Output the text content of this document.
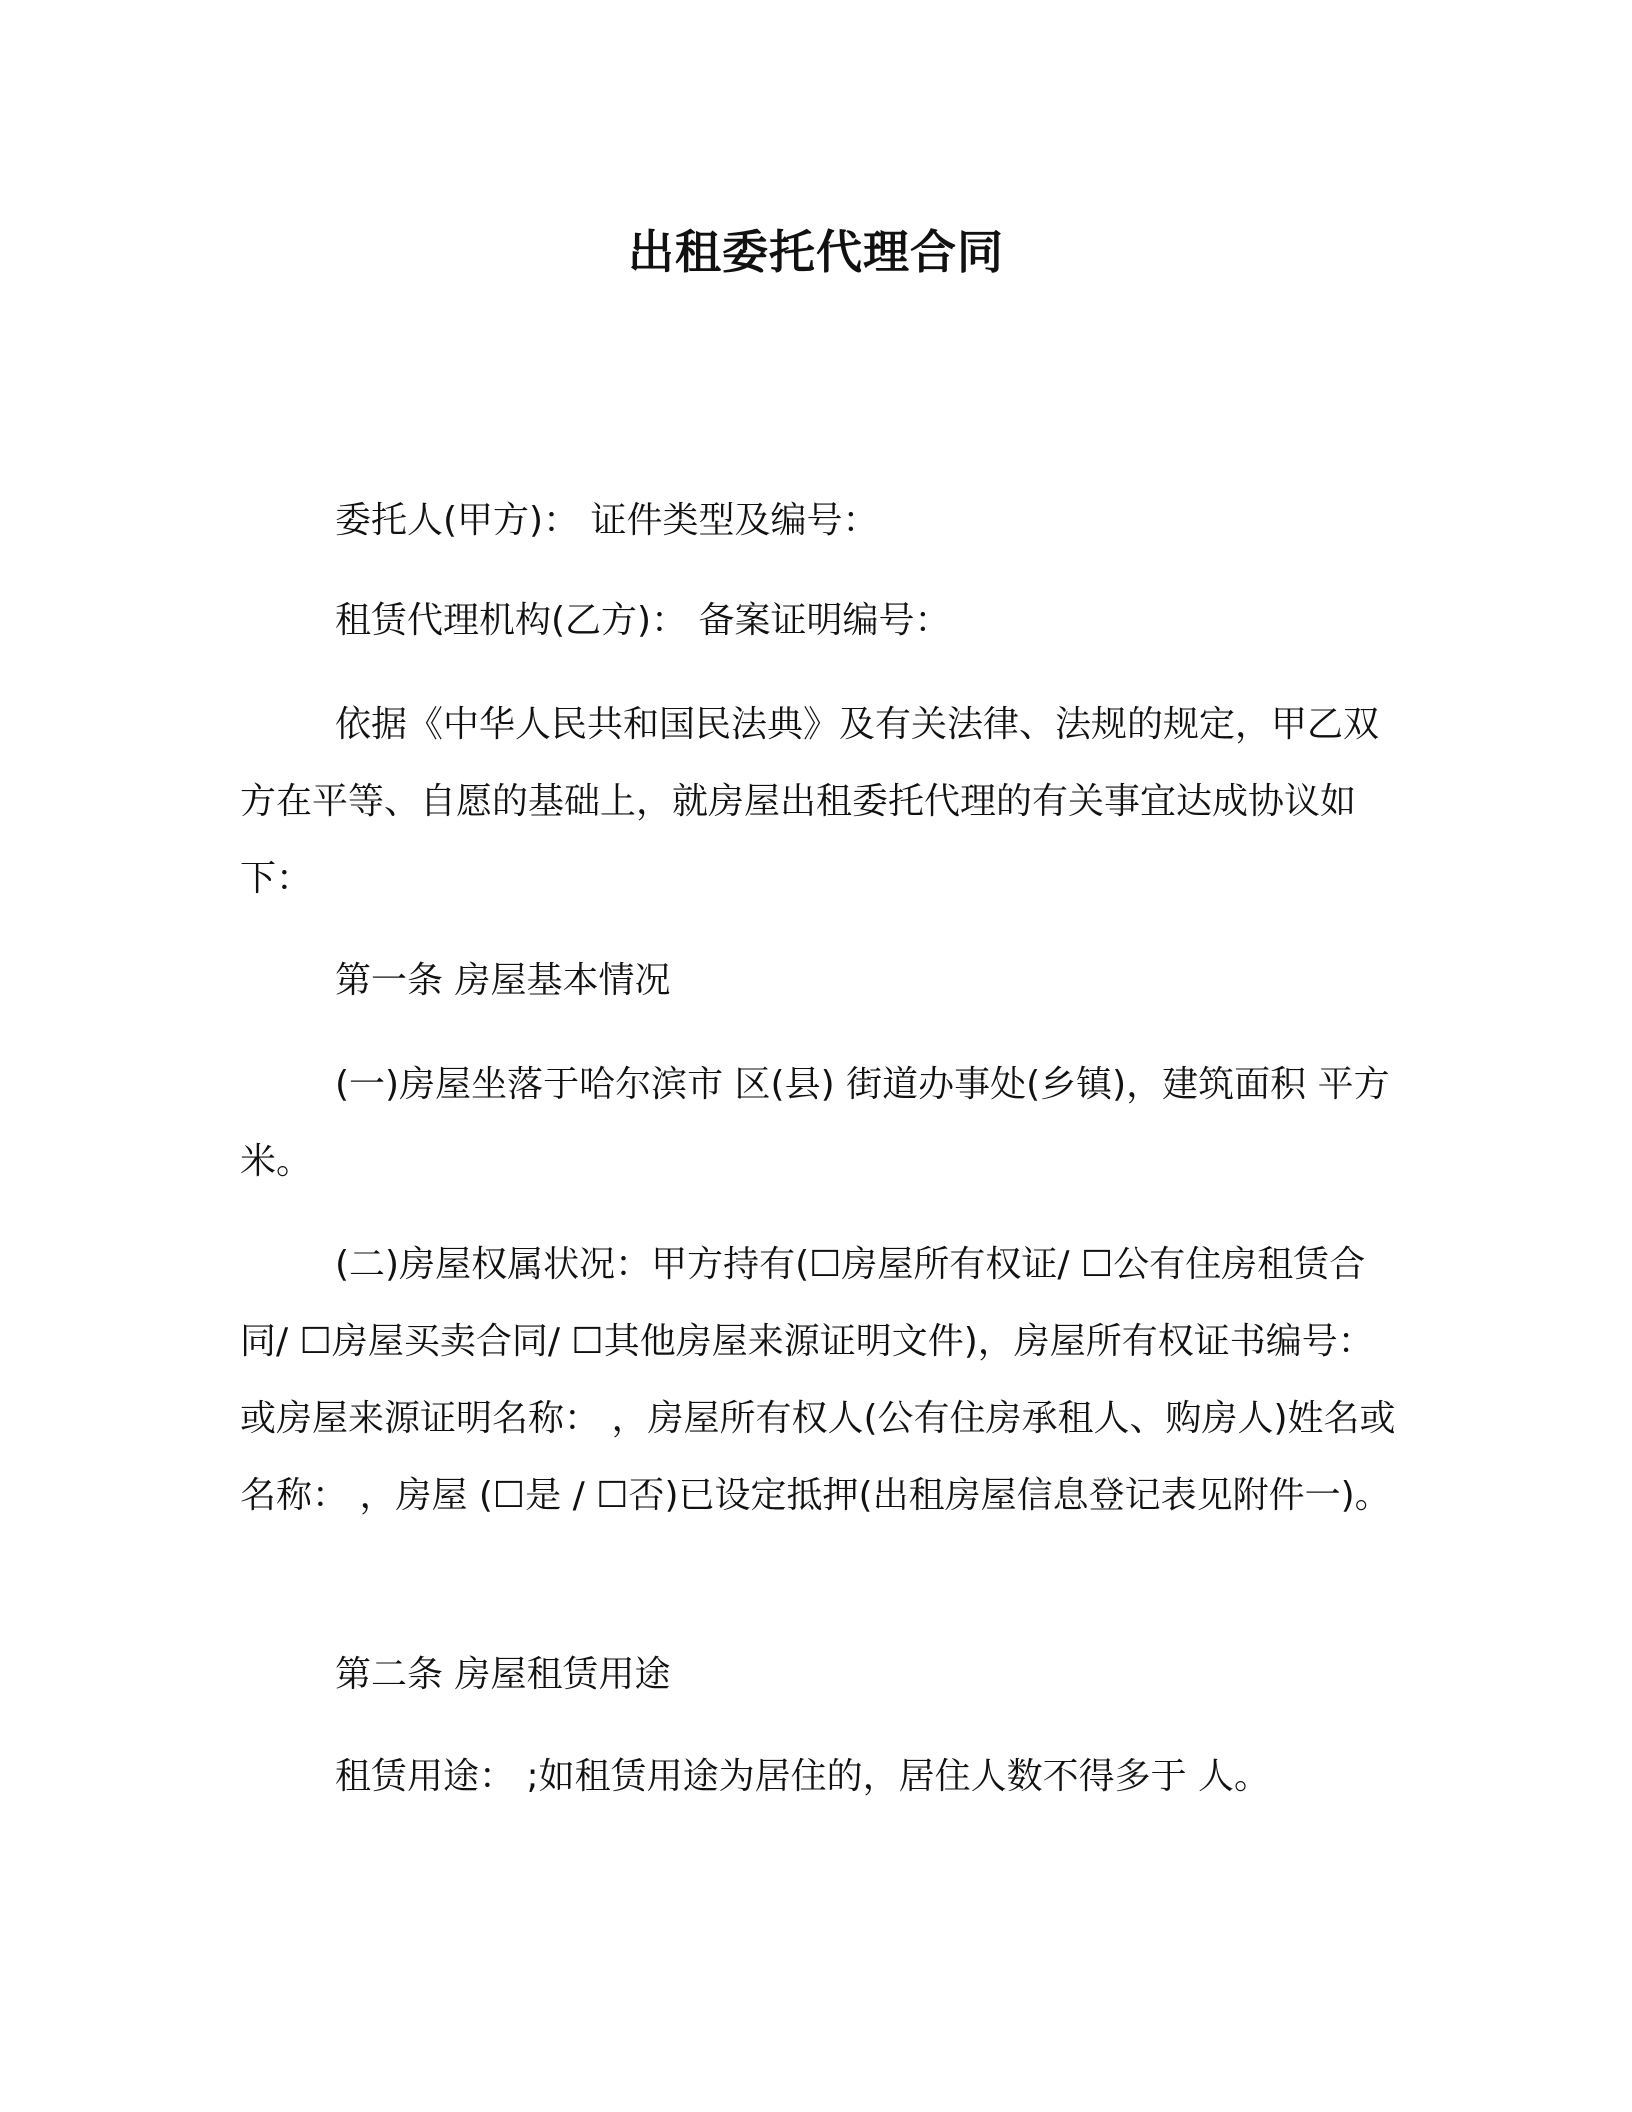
出租委托代理合同
委托人(甲方)： 证件类型及编号：
租赁代理机构(乙方)： 备案证明编号：
依据《中华人民共和国民法典》及有关法律、法规的规定，甲乙双方在平等、自愿的基础上，就房屋出租委托代理的有关事宜达成协议如下：
第一条 房屋基本情况
(一)房屋坐落于哈尔滨市 区(县) 街道办事处(乡镇)，建筑面积 平方米。
(二)房屋权属状况：甲方持有(☐房屋所有权证/ ☐公有住房租赁合同/ ☐房屋买卖合同/ ☐其他房屋来源证明文件)，房屋所有权证书编号： 或房屋来源证明名称： ，房屋所有权人(公有住房承租人、购房人)姓名或名称： ，房屋 (☐是 / ☐否)已设定抵押(出租房屋信息登记表见附件一)。
第二条 房屋租赁用途
租赁用途： ;如租赁用途为居住的，居住人数不得多于 人。
